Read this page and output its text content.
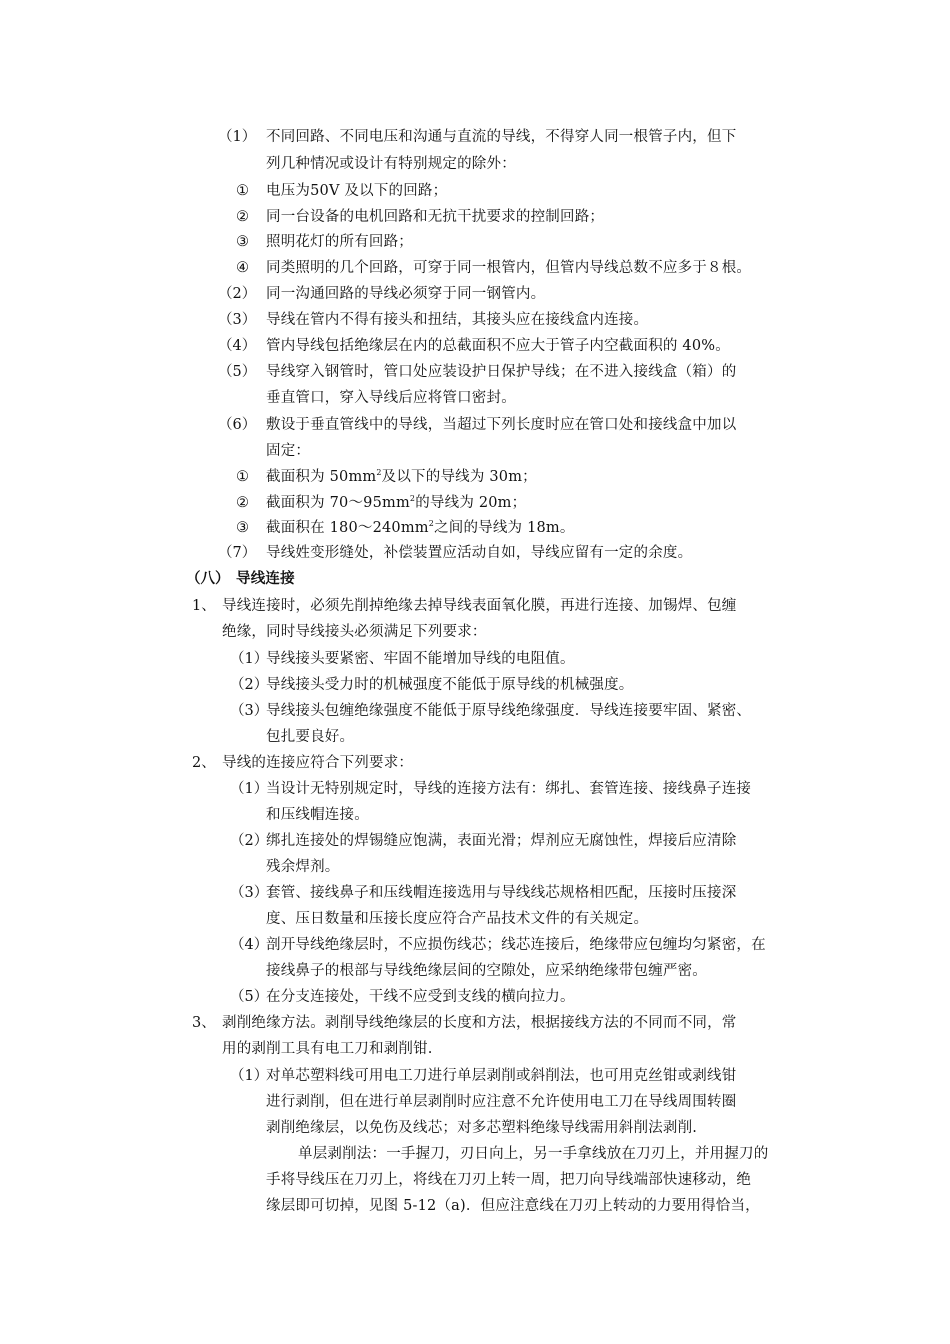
（1） 不同回路、不同电压和沟通与直流的导线，不得穿人同一根管子内，但下
列几种情况或设计有特别规定的除外：
① 电压为50V 及以下的回路；
② 同一台设备的电机回路和无抗干扰要求的控制回路；
③ 照明花灯的所有回路；
④ 同类照明的几个回路，可穿于同一根管内，但管内导线总数不应多于８根。
（2） 同一沟通回路的导线必须穿于同一钢管内。
（3） 导线在管内不得有接头和扭结，其接头应在接线盒内连接。
（4） 管内导线包括绝缘层在内的总截面积不应大于管子内空截面积的 40%。
（5） 导线穿入钢管时，管口处应装设护日保护导线；在不进入接线盒（箱）的
垂直管口，穿入导线后应将管口密封。
（6） 敷设于垂直管线中的导线，当超过下列长度时应在管口处和接线盒中加以
固定：
① 截面积为 $50mm^2$及以下的导线为 30m；
② 截面积为 $70\sim 95mm^2$的导线为 20m；
③ 截面积在 $180\sim 240mm^2$之间的导线为 18m。
（7） 导线姓变形缝处，补偿装置应活动自如，导线应留有一定的余度。
（八） 导线连接
1、 导线连接时，必须先削掉绝缘去掉导线表面氧化膜，再进行连接、加锡焊、包缠
绝缘，同时导线接头必须满足下列要求：
（1）
导线接头要紧密、牢固不能增加导线的电阻值。
（2）
导线接头受力时的机械强度不能低于原导线的机械强度。
（3）
导线接头包缠绝缘强度不能低于原导线绝缘强度．导线连接要牢固、紧密、
包扎要良好。
2、 导线的连接应符合下列要求：
（1）
当设计无特别规定时，导线的连接方法有：绑扎、套管连接、接线鼻子连接
和压线帽连接。
（2）
绑扎连接处的焊锡缝应饱满，表面光滑；焊剂应无腐蚀性，焊接后应清除
残余焊剂。
（3）
套管、接线鼻子和压线帽连接选用与导线线芯规格相匹配，压接时压接深
度、压日数量和压接长度应符合产品技术文件的有关规定。
（4）
剖开导线绝缘层时，不应损伤线芯；线芯连接后，绝缘带应包缠均匀紧密，在
接线鼻子的根部与导线绝缘层间的空隙处，应采纳绝缘带包缠严密。
（5）
在分支连接处，干线不应受到支线的横向拉力。
3、 剥削绝缘方法。剥削导线绝缘层的长度和方法，根据接线方法的不同而不同，常
用的剥削工具有电工刀和剥削钳.
（1）
对单芯塑料线可用电工刀进行单层剥削或斜削法，也可用克丝钳或剥线钳
进行剥削，但在进行单层剥削时应注意不允许使用电工刀在导线周围转圈
剥削绝缘层，以免伤及线芯；对多芯塑料绝缘导线需用斜削法剥削.
单层剥削法：一手握刀，刃日向上，另一手拿线放在刀刃上，并用握刀的
手将导线压在刀刃上，将线在刀刃上转一周，把刀向导线端部快速移动，绝
缘层即可切掉，见图 5-12（a)．但应注意线在刀刃上转动的力要用得恰当，
